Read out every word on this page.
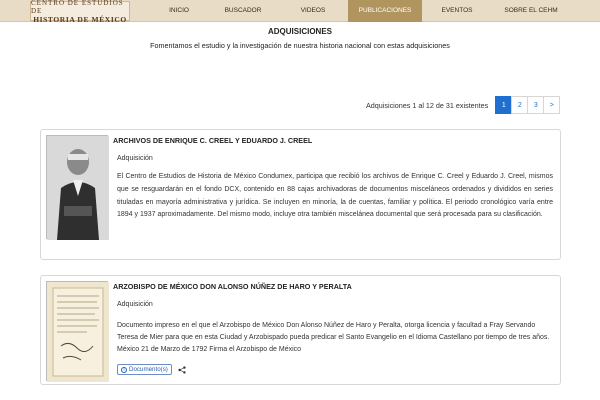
CENTRO DE ESTUDIOS DE
HISTORIA DE MÉXICO
INICIO	BUSCADOR	VIDEOS	PUBLICACIONES	EVENTOS	SOBRE EL CEHM
ADQUISICIONES
Fomentamos el estudio y la investigación de nuestra historia nacional con estas adquisiciones
Adquisiciones 1 al 12 de 31 existentes	1	2	3	>
ARCHIVOS DE ENRIQUE C. CREEL Y EDUARDO J. CREEL
Adquisición
El Centro de Estudios de Historia de México Condumex, participa que recibió los archivos de Enrique C. Creel y Eduardo J. Creel, mismos que se resguardarán en el fondo DCX, contenido en 88 cajas archivadoras de documentos misceláneos ordenados y divididos en series tituladas en mayoría administrativa y jurídica. Se incluyen en minoría, la de cuentas, familiar y política. El periodo cronológico varía entre 1894 y 1937 aproximadamente. Del mismo modo, incluye otra también miscelánea documental que será procesada para su clasificación.
ARZOBISPO DE MÉXICO DON ALONSO NÚÑEZ DE HARO Y PERALTA
Adquisición
Documento impreso en el que el Arzobispo de México Don Alonso Núñez de Haro y Peralta, otorga licencia y facultad a Fray Servando Teresa de Mier para que en esta Ciudad y Arzobispado pueda predicar el Santo Evangelio en el Idioma Castellano por tiempo de tres años. México 21 de Marzo de 1792 Firma el Arzobispo de México
i Documento(s)
